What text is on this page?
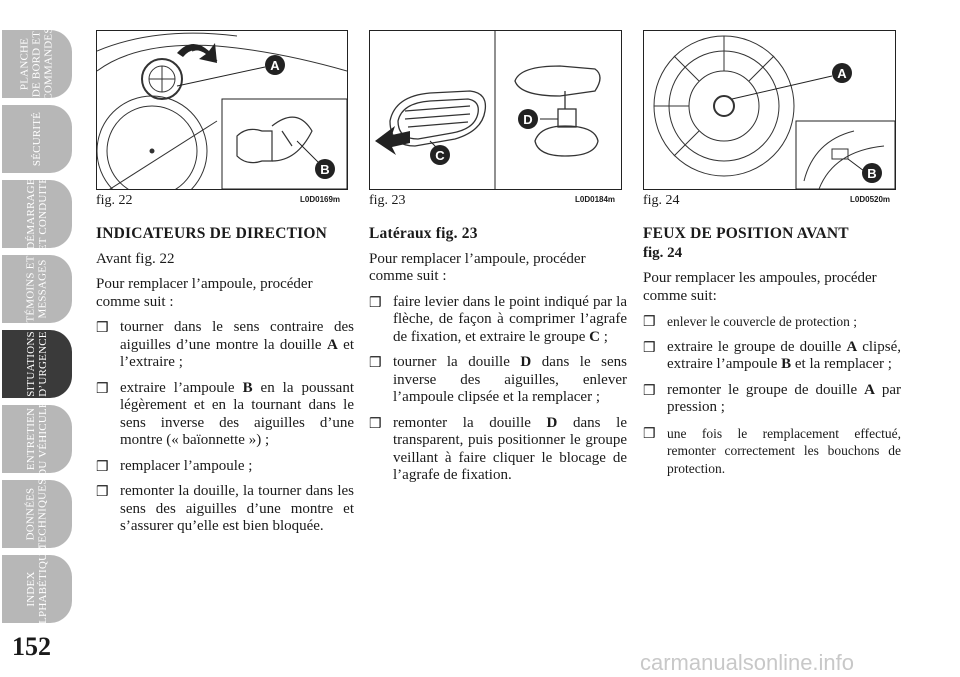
PLANCHE
DE BORD ET
COMMANDES
SÉCURITÉ
DÉMARRAGE
ET CONDUITE
TÉMOINS ET
MESSAGES
SITUATIONS
D’URGENCE
ENTRETIEN
DU VÉHICULE
DONNÉES
TECHNIQUES
INDEX
ALPHABÉTIQUE
152
A
B
fig. 22	L0D0169m
C
D
fig. 23	L0D0184m
A
B
fig. 24	L0D0520m
INDICATEURS DE DIRECTION

Avant fig. 22

Pour remplacer l’ampoule, procéder comme suit :

❒ tourner dans le sens contraire des aiguilles d’une montre la douille A et l’extraire ;
❒ extraire l’ampoule B en la poussant légèrement et en la tournant dans le sens inverse des aiguilles d’une montre (« baïonnette ») ;
❒ remplacer l’ampoule ;
❒ remonter la douille, la tourner dans les sens des aiguilles d’une montre et s’assurer qu’elle est bien bloquée.
Latéraux fig. 23

Pour remplacer l’ampoule, procéder comme suit :

❒ faire levier dans le point indiqué par la flèche, de façon à comprimer l’agrafe de fixation, et extraire le groupe C ;
❒ tourner la douille D dans le sens inverse des aiguilles, enlever l’ampoule clipsée et la remplacer ;
❒ remonter la douille D dans le transparent, puis positionner le groupe veillant à faire cliquer le blocage de l’agrafe de fixation.
FEUX DE POSITION AVANT

fig. 24

Pour remplacer les ampoules, procéder comme suit:

❒ enlever le couvercle de protection ;
❒ extraire le groupe de douille A clipsé, extraire l’ampoule B et la remplacer ;
❒ remonter le groupe de douille A par pression ;
❒ une fois le remplacement effectué, remonter correctement les bouchons de protection.
carmanualsonline.info
